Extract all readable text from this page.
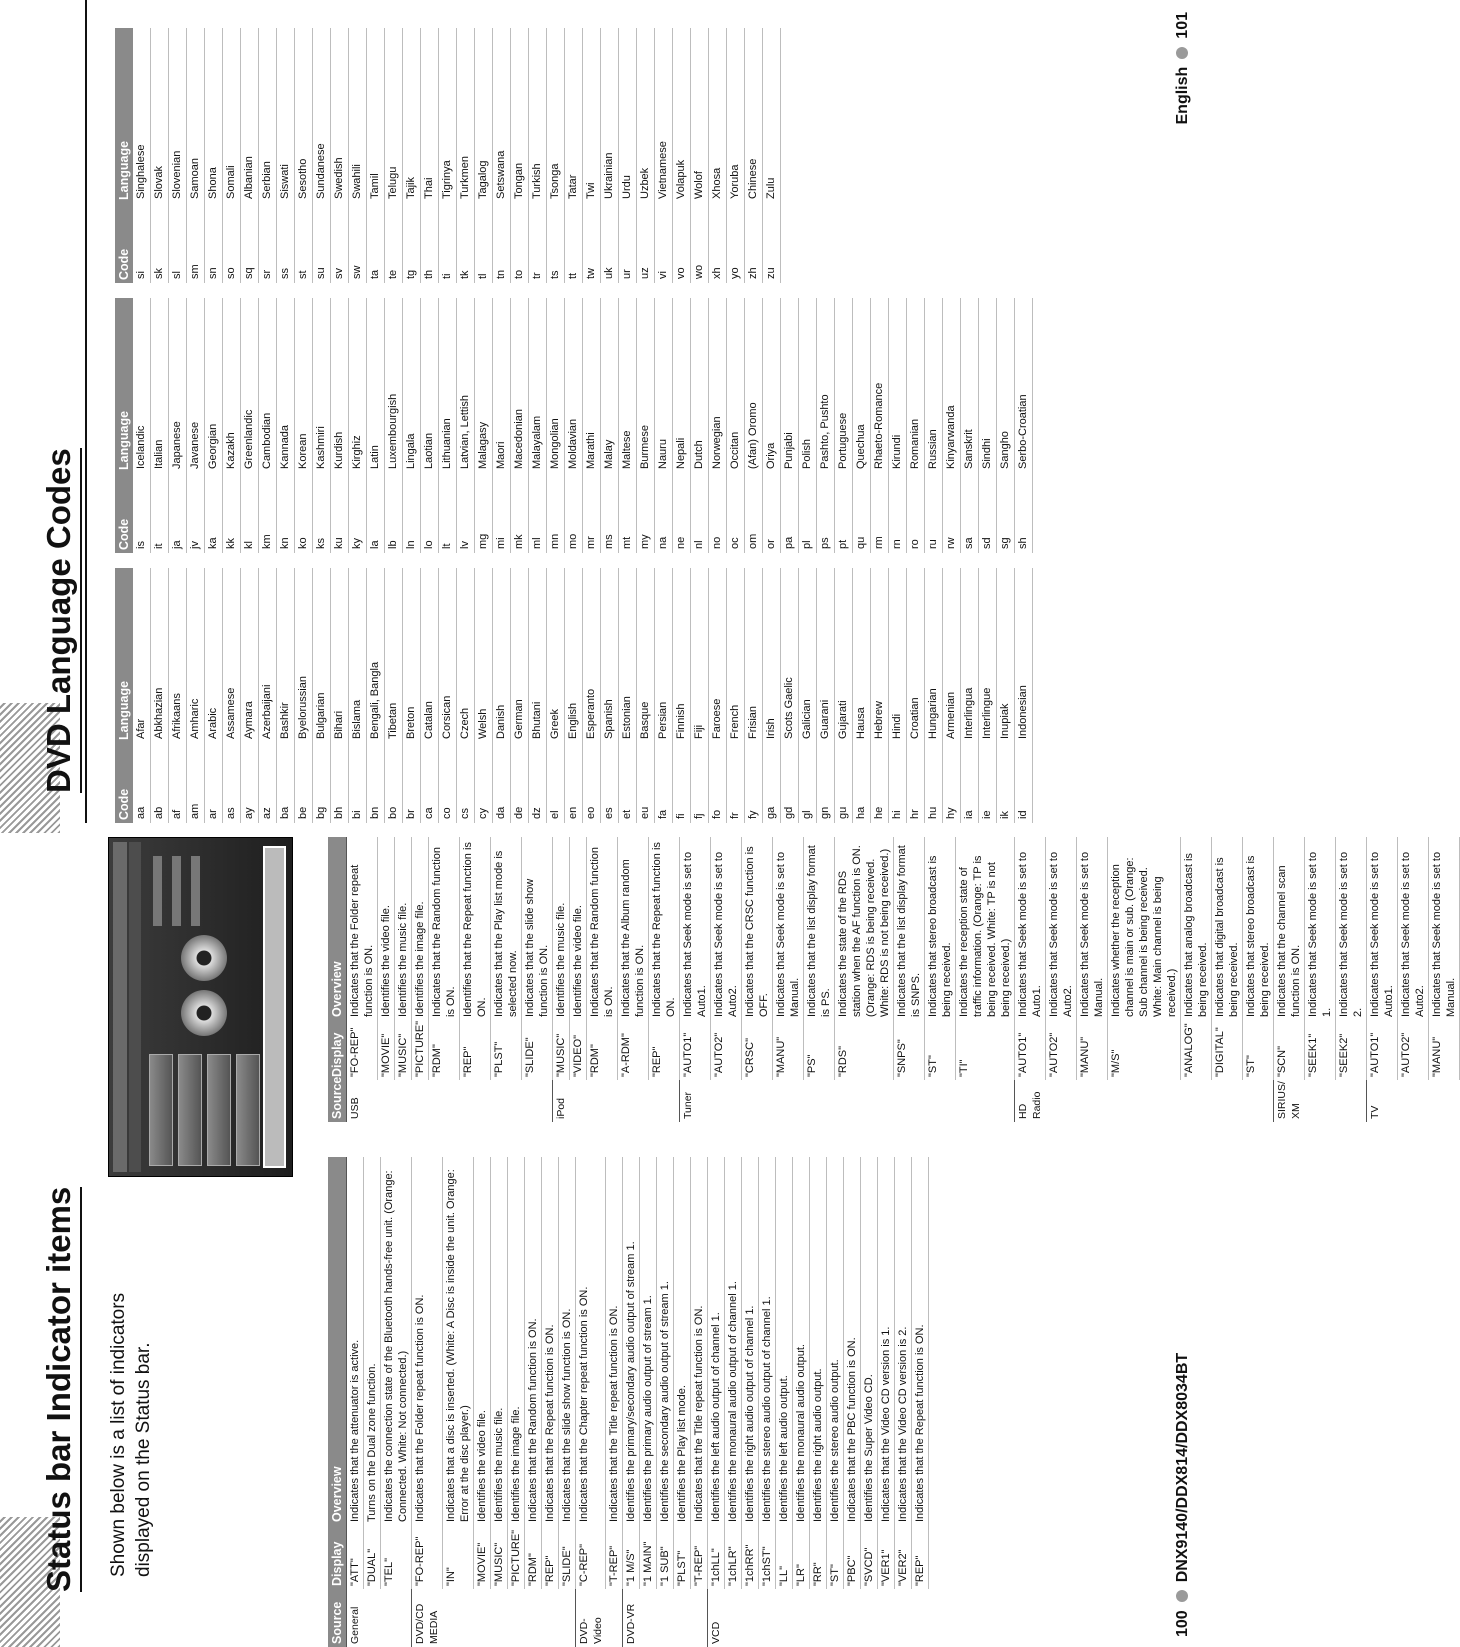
Status bar Indicator items Shown below is a list of indicators displayed on the Status bar.

Source	Display	Overview
General	"ATT"	Indicates that the attenuator is active.
	"DUAL"	Turns on the Dual zone function.
	"TEL"	Indicates the connection state of the Bluetooth hands-free unit. (Orange: Connected. White: Not connected.)
DVD/CD MEDIA	"FO-REP"	Indicates that the Folder repeat function is ON.
	"IN"	Indicates that a disc is inserted. (White: A Disc is inside the unit. Orange: Error at the disc player.)
	"MOVIE"	Identifies the video file.
	"MUSIC"	Identifies the music file.
	"PICTURE"	Identifies the image file.
	"RDM"	Indicates that the Random function is ON.
	"REP"	Indicates that the Repeat function is ON.
	"SLIDE"	Indicates that the slide show function is ON.
DVD-Video	"C-REP"	Indicates that the Chapter repeat function is ON.
	"T-REP"	Indicates that the Title repeat function is ON.
DVD-VR	"1 M/S"	Identifies the primary/secondary audio output of stream 1.
	"1 MAIN"	Identifies the primary audio output of stream 1.
	"1 SUB"	Identifies the secondary audio output of stream 1.
	"PLST"	Identifies the Play list mode.
	"T-REP"	Indicates that the Title repeat function is ON.
VCD	"1chLL"	Identifies the left audio output of channel 1.
	"1chLR"	Identifies the monaural audio output of channel 1.
	"1chRR"	Identifies the right audio output of channel 1.
	"1chST"	Identifies the stereo audio output of channel 1.
	"LL"	Identifies the left audio output.
	"LR"	Identifies the monaural audio output.
	"RR"	Identifies the right audio output.
	"ST"	Identifies the stereo audio output.
	"PBC"	Indicates that the PBC function is ON.
	"SVCD"	Identifies the Super Video CD.
	"VER1"	Indicates that the Video CD version is 1.
	"VER2"	Indicates that the Video CD version is 2.
	"REP"	Indicates that the Repeat function is ON.
Source	Display	Overview
USB	"FO-REP"	Indicates that the Folder repeat function is ON.
	"MOVIE"	Identifies the video file.
	"MUSIC"	Identifies the music file.
	"PICTURE"	Identifies the image file.
	"RDM"	Indicates that the Random function is ON.
	"REP"	Identifies that the Repeat function is ON.
	"PLST"	Indicates that the Play list mode is selected now.
	"SLIDE"	Indicates that the slide show function is ON.
iPod	"MUSIC"	Identifies the music file.
	"VIDEO"	Identifies the video file.
	"RDM"	Indicates that the Random function is ON.
	"A-RDM"	Indicates that the Album random function is ON.
	"REP"	Indicates that the Repeat function is ON.
Tuner	"AUTO1"	Indicates that Seek mode is set to Auto1.
	"AUTO2"	Indicates that Seek mode is set to Auto2.
	"CRSC"	Indicates that the CRSC function is OFF.
	"MANU"	Indicates that Seek mode is set to Manual.
	"PS"	Indicates that the list display format is PS.
	"RDS"	Indicates the state of the RDS station when the AF function is ON. (Orange: RDS is being received. White: RDS is not being received.)
	"SNPS"	Indicates that the list display format is SNPS.
	"ST"	Indicates that stereo broadcast is being received.
	"TI"	Indicates the reception state of traffic information. (Orange: TP is being received. White: TP is not being received.)
HD Radio	"AUTO1"	Indicates that Seek mode is set to Auto1.
	"AUTO2"	Indicates that Seek mode is set to Auto2.
	"MANU"	Indicates that Seek mode is set to Manual.
	"M/S"	Indicates whether the reception channel is main or sub. (Orange: Sub channel is being received. White: Main channel is being received.)
	"ANALOG"	Indicates that analog broadcast is being received.
	"DIGITAL"	Indicates that digital broadcast is being received.
	"ST"	Indicates that stereo broadcast is being received.
SIRIUS/ XM	"SCN"	Indicates that the channel scan function is ON.
	"SEEK1"	Indicates that Seek mode is set to 1.
	"SEEK2"	Indicates that Seek mode is set to 2.
TV	"AUTO1"	Indicates that Seek mode is set to Auto1.
	"AUTO2"	Indicates that Seek mode is set to Auto2.
	"MANU"	Indicates that Seek mode is set to Manual.
100DNX9140/DDX814/DDX8034BT
DVD Language Codes
Code	Language
aa	Afar
ab	Abkhazian
af	Afrikaans
am	Amharic
ar	Arabic
as	Assamese
ay	Aymara
az	Azerbaijani
ba	Bashkir
be	Byelorussian
bg	Bulgarian
bh	Bihari
bi	Bislama
bn	Bengali, Bangla
bo	Tibetan
br	Breton
ca	Catalan
co	Corsican
cs	Czech
cy	Welsh
da	Danish
de	German
dz	Bhutani
el	Greek
en	English
eo	Esperanto
es	Spanish
et	Estonian
eu	Basque
fa	Persian
fi	Finnish
fj	Fiji
fo	Faroese
fr	French
fy	Frisian
ga	Irish
gd	Scots Gaelic
gl	Galician
gn	Guarani
gu	Gujarati
ha	Hausa
he	Hebrew
hi	Hindi
hr	Croatian
hu	Hungarian
hy	Armenian
ia	Interlingua
ie	Interlingue
ik	Inupiak
id	Indonesian
Code	Language
is	Icelandic
it	Italian
ja	Japanese
jv	Javanese
ka	Georgian
kk	Kazakh
kl	Greenlandic
km	Cambodian
kn	Kannada
ko	Korean
ks	Kashmiri
ku	Kurdish
ky	Kirghiz
la	Latin
lb	Luxembourgish
ln	Lingala
lo	Laotian
lt	Lithuanian
lv	Latvian, Lettish
mg	Malagasy
mi	Maori
mk	Macedonian
ml	Malayalam
mn	Mongolian
mo	Moldavian
mr	Marathi
ms	Malay
mt	Maltese
my	Burmese
na	Nauru
ne	Nepali
nl	Dutch
no	Norwegian
oc	Occitan
om	(Afan) Oromo
or	Oriya
pa	Punjabi
pl	Polish
ps	Pashto, Pushto
pt	Portuguese
qu	Quechua
rm	Rhaeto-Romance
rn	Kirundi
ro	Romanian
ru	Russian
rw	Kinyarwanda
sa	Sanskrit
sd	Sindhi
sg	Sangho
sh	Serbo-Croatian
Code	Language
si	Singhalese
sk	Slovak
sl	Slovenian
sm	Samoan
sn	Shona
so	Somali
sq	Albanian
sr	Serbian
ss	Siswati
st	Sesotho
su	Sundanese
sv	Swedish
sw	Swahili
ta	Tamil
te	Telugu
tg	Tajik
th	Thai
ti	Tigrinya
tk	Turkmen
tl	Tagalog
tn	Setswana
to	Tongan
tr	Turkish
ts	Tsonga
tt	Tatar
tw	Twi
uk	Ukrainian
ur	Urdu
uz	Uzbek
vi	Vietnamese
vo	Volapuk
wo	Wolof
xh	Xhosa
yo	Yoruba
zh	Chinese
zu	Zulu
English101
